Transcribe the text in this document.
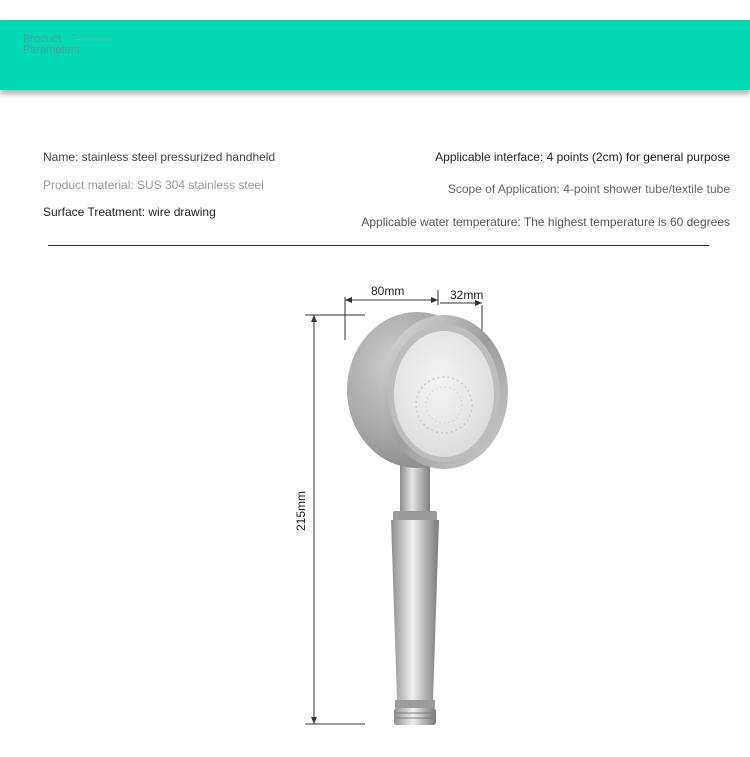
Product
Parameters
Name: stainless steel pressurized handheld
Product material: SUS 304 stainless steel
Surface Treatment: wire drawing
Applicable interface: 4 points (2cm) for general purpose
Scope of Application: 4-point shower tube/textile tube
Applicable water temperature: The highest temperature is 60 degrees
80mm	32mm
215mm
